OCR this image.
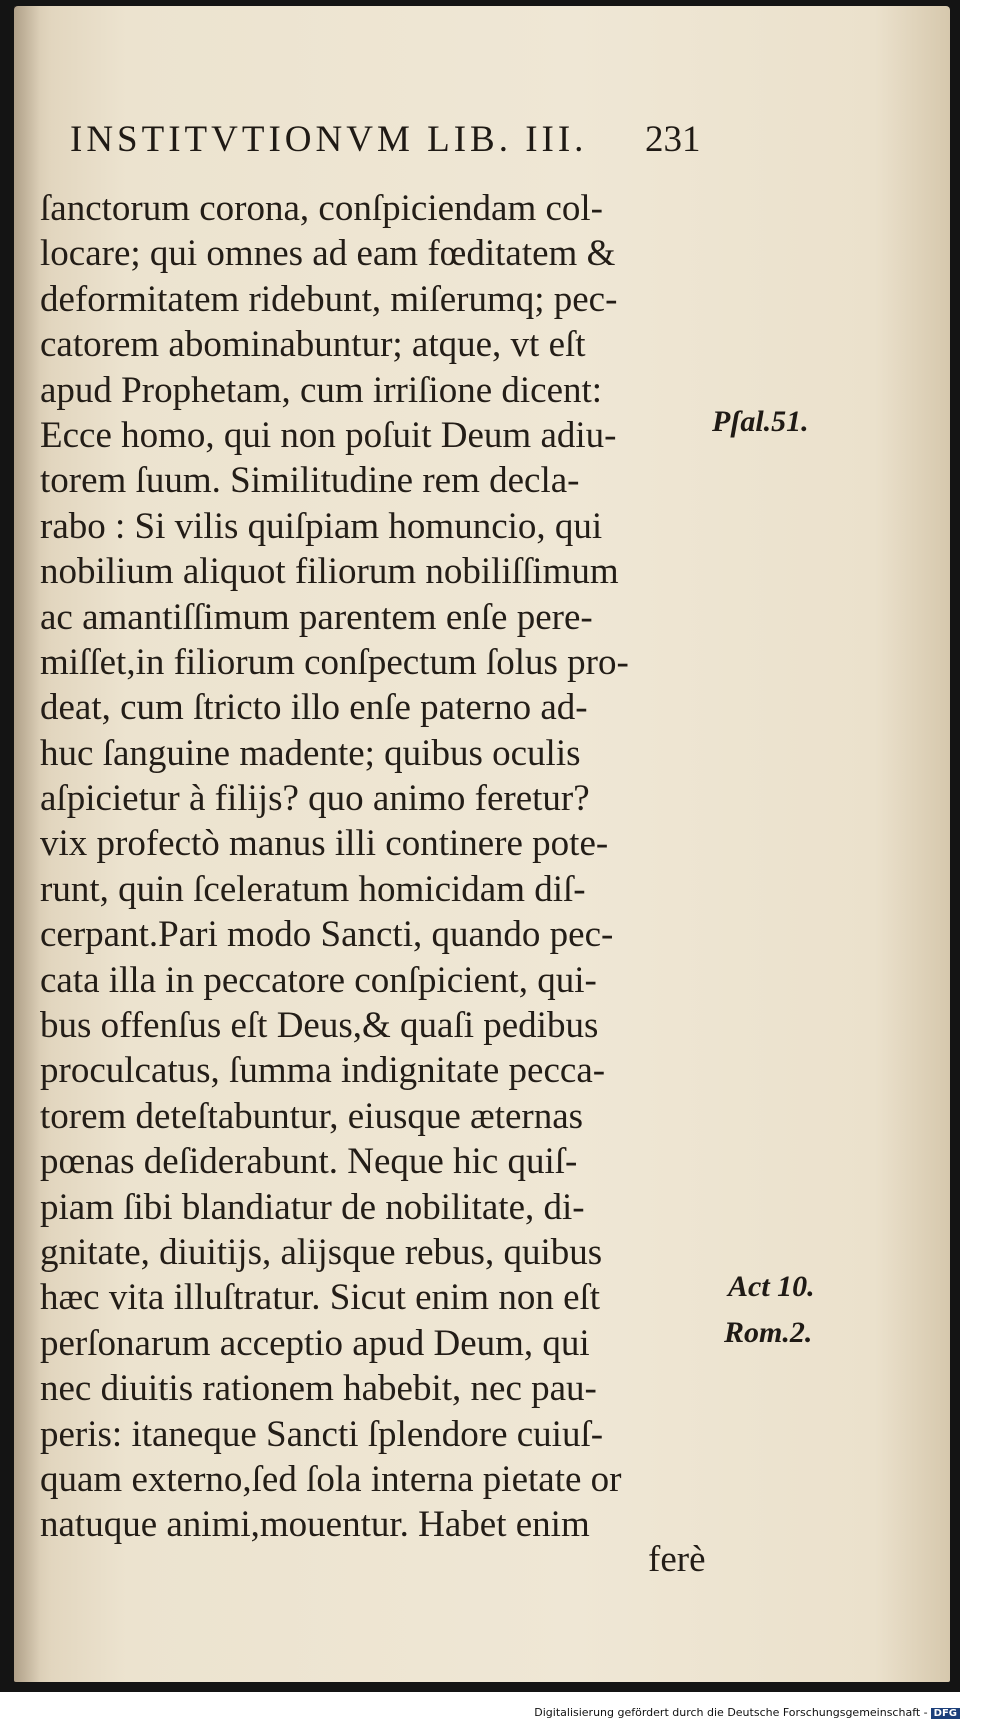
INSTITVTIONVM LIB. III.	231
ſanctorum corona, conſpiciendam col-
locare; qui omnes ad eam fœditatem &
deformitatem ridebunt, miſerumq; pec-
catorem abominabuntur; atque, vt eſt
apud Prophetam, cum irriſione dicent:
Ecce homo, qui non poſuit Deum adiu-
torem ſuum. Similitudine rem decla-
rabo : Si vilis quiſpiam homuncio, qui
nobilium aliquot filiorum nobiliſſimum
ac amantiſſimum parentem enſe pere-
miſſet,in filiorum conſpectum ſolus pro-
deat, cum ſtricto illo enſe paterno ad-
huc ſanguine madente; quibus oculis
aſpicietur à filijs? quo animo feretur?
vix profectò manus illi continere pote-
runt, quin ſceleratum homicidam diſ-
cerpant.Pari modo Sancti, quando pec-
cata illa in peccatore conſpicient, qui-
bus offenſus eſt Deus,& quaſi pedibus
proculcatus, ſumma indignitate pecca-
torem deteſtabuntur, eiusque æternas
pœnas deſiderabunt. Neque hic quiſ-
piam ſibi blandiatur de nobilitate, di-
gnitate, diuitijs, alijsque rebus, quibus
hæc vita illuſtratur. Sicut enim non eſt
perſonarum acceptio apud Deum, qui
nec diuitis rationem habebit, nec pau-
peris: itaneque Sancti ſplendore cuiuſ-
quam externo,ſed ſola interna pietate or
natuque animi,mouentur. Habet enim
ferè
Pſal.51.
Act 10.
Rom.2.
Digitalisierung gefördert durch die Deutsche Forschungsgemeinschaft - DFG
